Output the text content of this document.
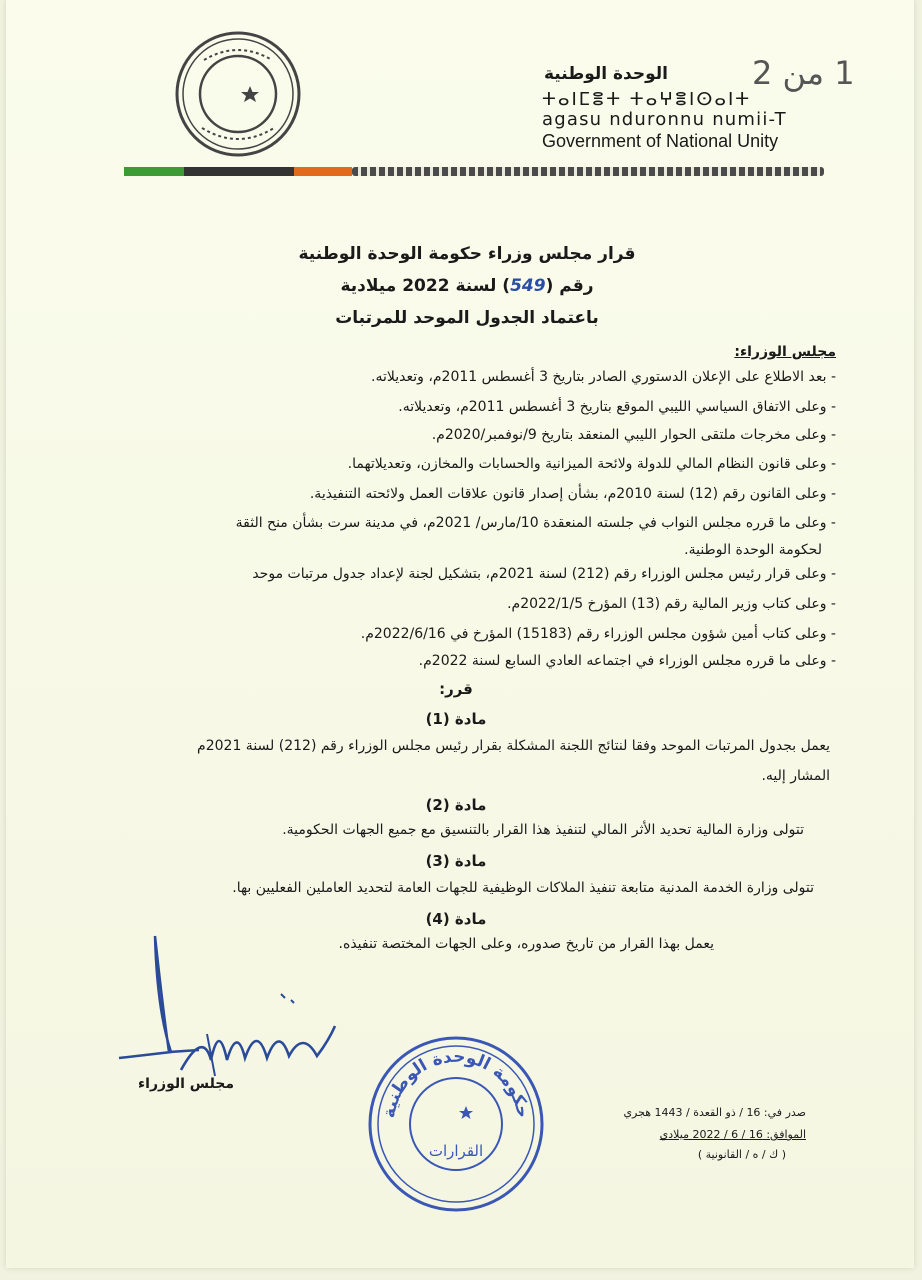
1 من 2
الوحدة الوطنية
ⵜⴰⵏⵎⴻⵜ ⵜⴰⵖⴻⵏⵙⴰⵏⵜ
agasu nduronnu numii-T
Government of National Unity
قرار مجلس وزراء حكومة الوحدة الوطنية
رقم (549) لسنة 2022 ميلادية
باعتماد الجدول الموحد للمرتبات
مجلس الوزراء:
- بعد الاطلاع على الإعلان الدستوري الصادر بتاريخ 3 أغسطس 2011م، وتعديلاته.
- وعلى الاتفاق السياسي الليبي الموقع بتاريخ 3 أغسطس 2011م، وتعديلاته.
- وعلى مخرجات ملتقى الحوار الليبي المنعقد بتاريخ 9/نوفمبر/2020م.
- وعلى قانون النظام المالي للدولة ولائحة الميزانية والحسابات والمخازن، وتعديلاتهما.
- وعلى القانون رقم (12) لسنة 2010م، بشأن إصدار قانون علاقات العمل ولائحته التنفيذية.
- وعلى ما قرره مجلس النواب في جلسته المنعقدة 10/مارس/ 2021م، في مدينة سرت بشأن منح الثقة
لحكومة الوحدة الوطنية.
- وعلى قرار رئيس مجلس الوزراء رقم (212) لسنة 2021م، بتشكيل لجنة لإعداد جدول مرتبات موحد
- وعلى كتاب وزير المالية رقم (13) المؤرخ 2022/1/5م.
- وعلى كتاب أمين شؤون مجلس الوزراء رقم (15183) المؤرخ في 2022/6/16م.
- وعلى ما قرره مجلس الوزراء في اجتماعه العادي السابع لسنة 2022م.
قرر:
مادة (1)
يعمل بجدول المرتبات الموحد وفقا لنتائج اللجنة المشكلة بقرار رئيس مجلس الوزراء رقم (212) لسنة 2021م
المشار إليه.
مادة (2)
تتولى وزارة المالية تحديد الأثر المالي لتنفيذ هذا القرار بالتنسيق مع جميع الجهات الحكومية.
مادة (3)
تتولى وزارة الخدمة المدنية متابعة تنفيذ الملاكات الوظيفية للجهات العامة لتحديد العاملين الفعليين بها.
مادة (4)
يعمل بهذا القرار من تاريخ صدوره، وعلى الجهات المختصة تنفيذه.
مجلس الوزراء
حكومة الوحدة الوطنية
القرارات
صدر في: 16 / ذو القعدة / 1443 هجري
الموافق: 16 / 6 / 2022 ميلادي
( ك / ه / القانونية )
